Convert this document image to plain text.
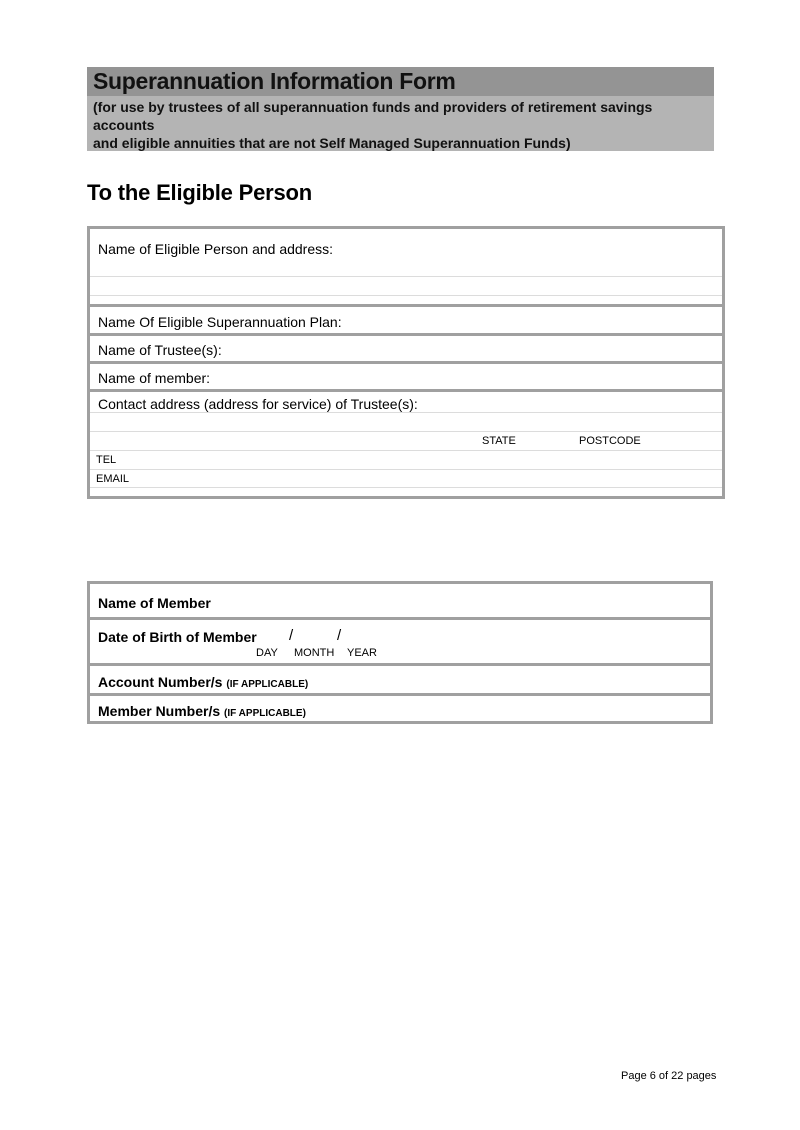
Superannuation Information Form
(for use by trustees of all superannuation funds and providers of retirement savings accounts
and eligible annuities that are not Self Managed Superannuation Funds)
To the Eligible Person
Name of Eligible Person and address:
Name Of Eligible Superannuation Plan:
Name of Trustee(s):
Name of member:
Contact address (address for service) of Trustee(s):
STATE	POSTCODE
TEL
EMAIL
Name of Member
Date of Birth of Member /	/
DAY MONTH YEAR
Account Number/s (IF APPLICABLE)
Member Number/s (IF APPLICABLE)
Page 6 of 22 pages
